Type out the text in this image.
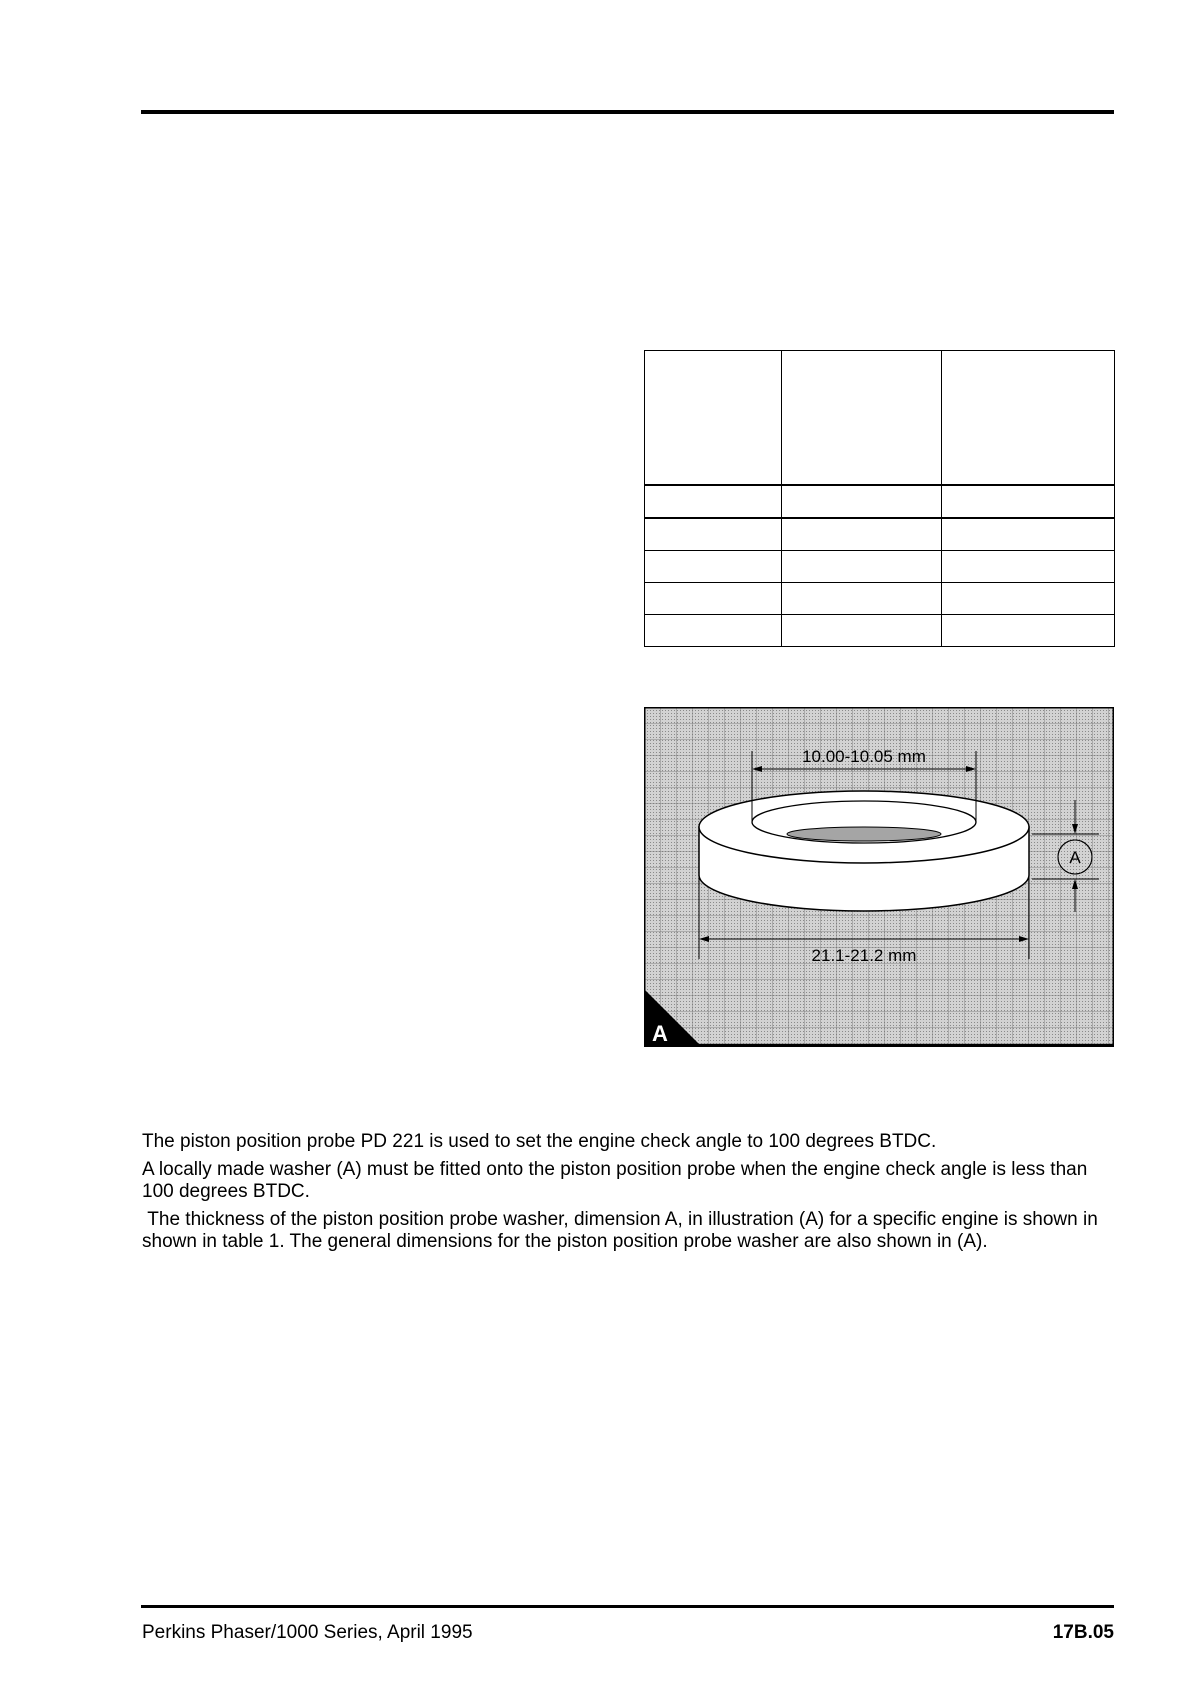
10.00-10.05 mm
21.1-21.2 mm
A
A

The piston position probe PD 221 is used to set the engine check angle to 100 degrees BTDC.

A locally made washer (A) must be fitted onto the piston position probe when the engine check angle is less than 100 degrees BTDC.

The thickness of the piston position probe washer, dimension A, in illustration (A) for a specific engine is shown in shown in table 1. The general dimensions for the piston position probe washer are also shown in (A).

Perkins Phaser/1000 Series, April 1995	17B.05
